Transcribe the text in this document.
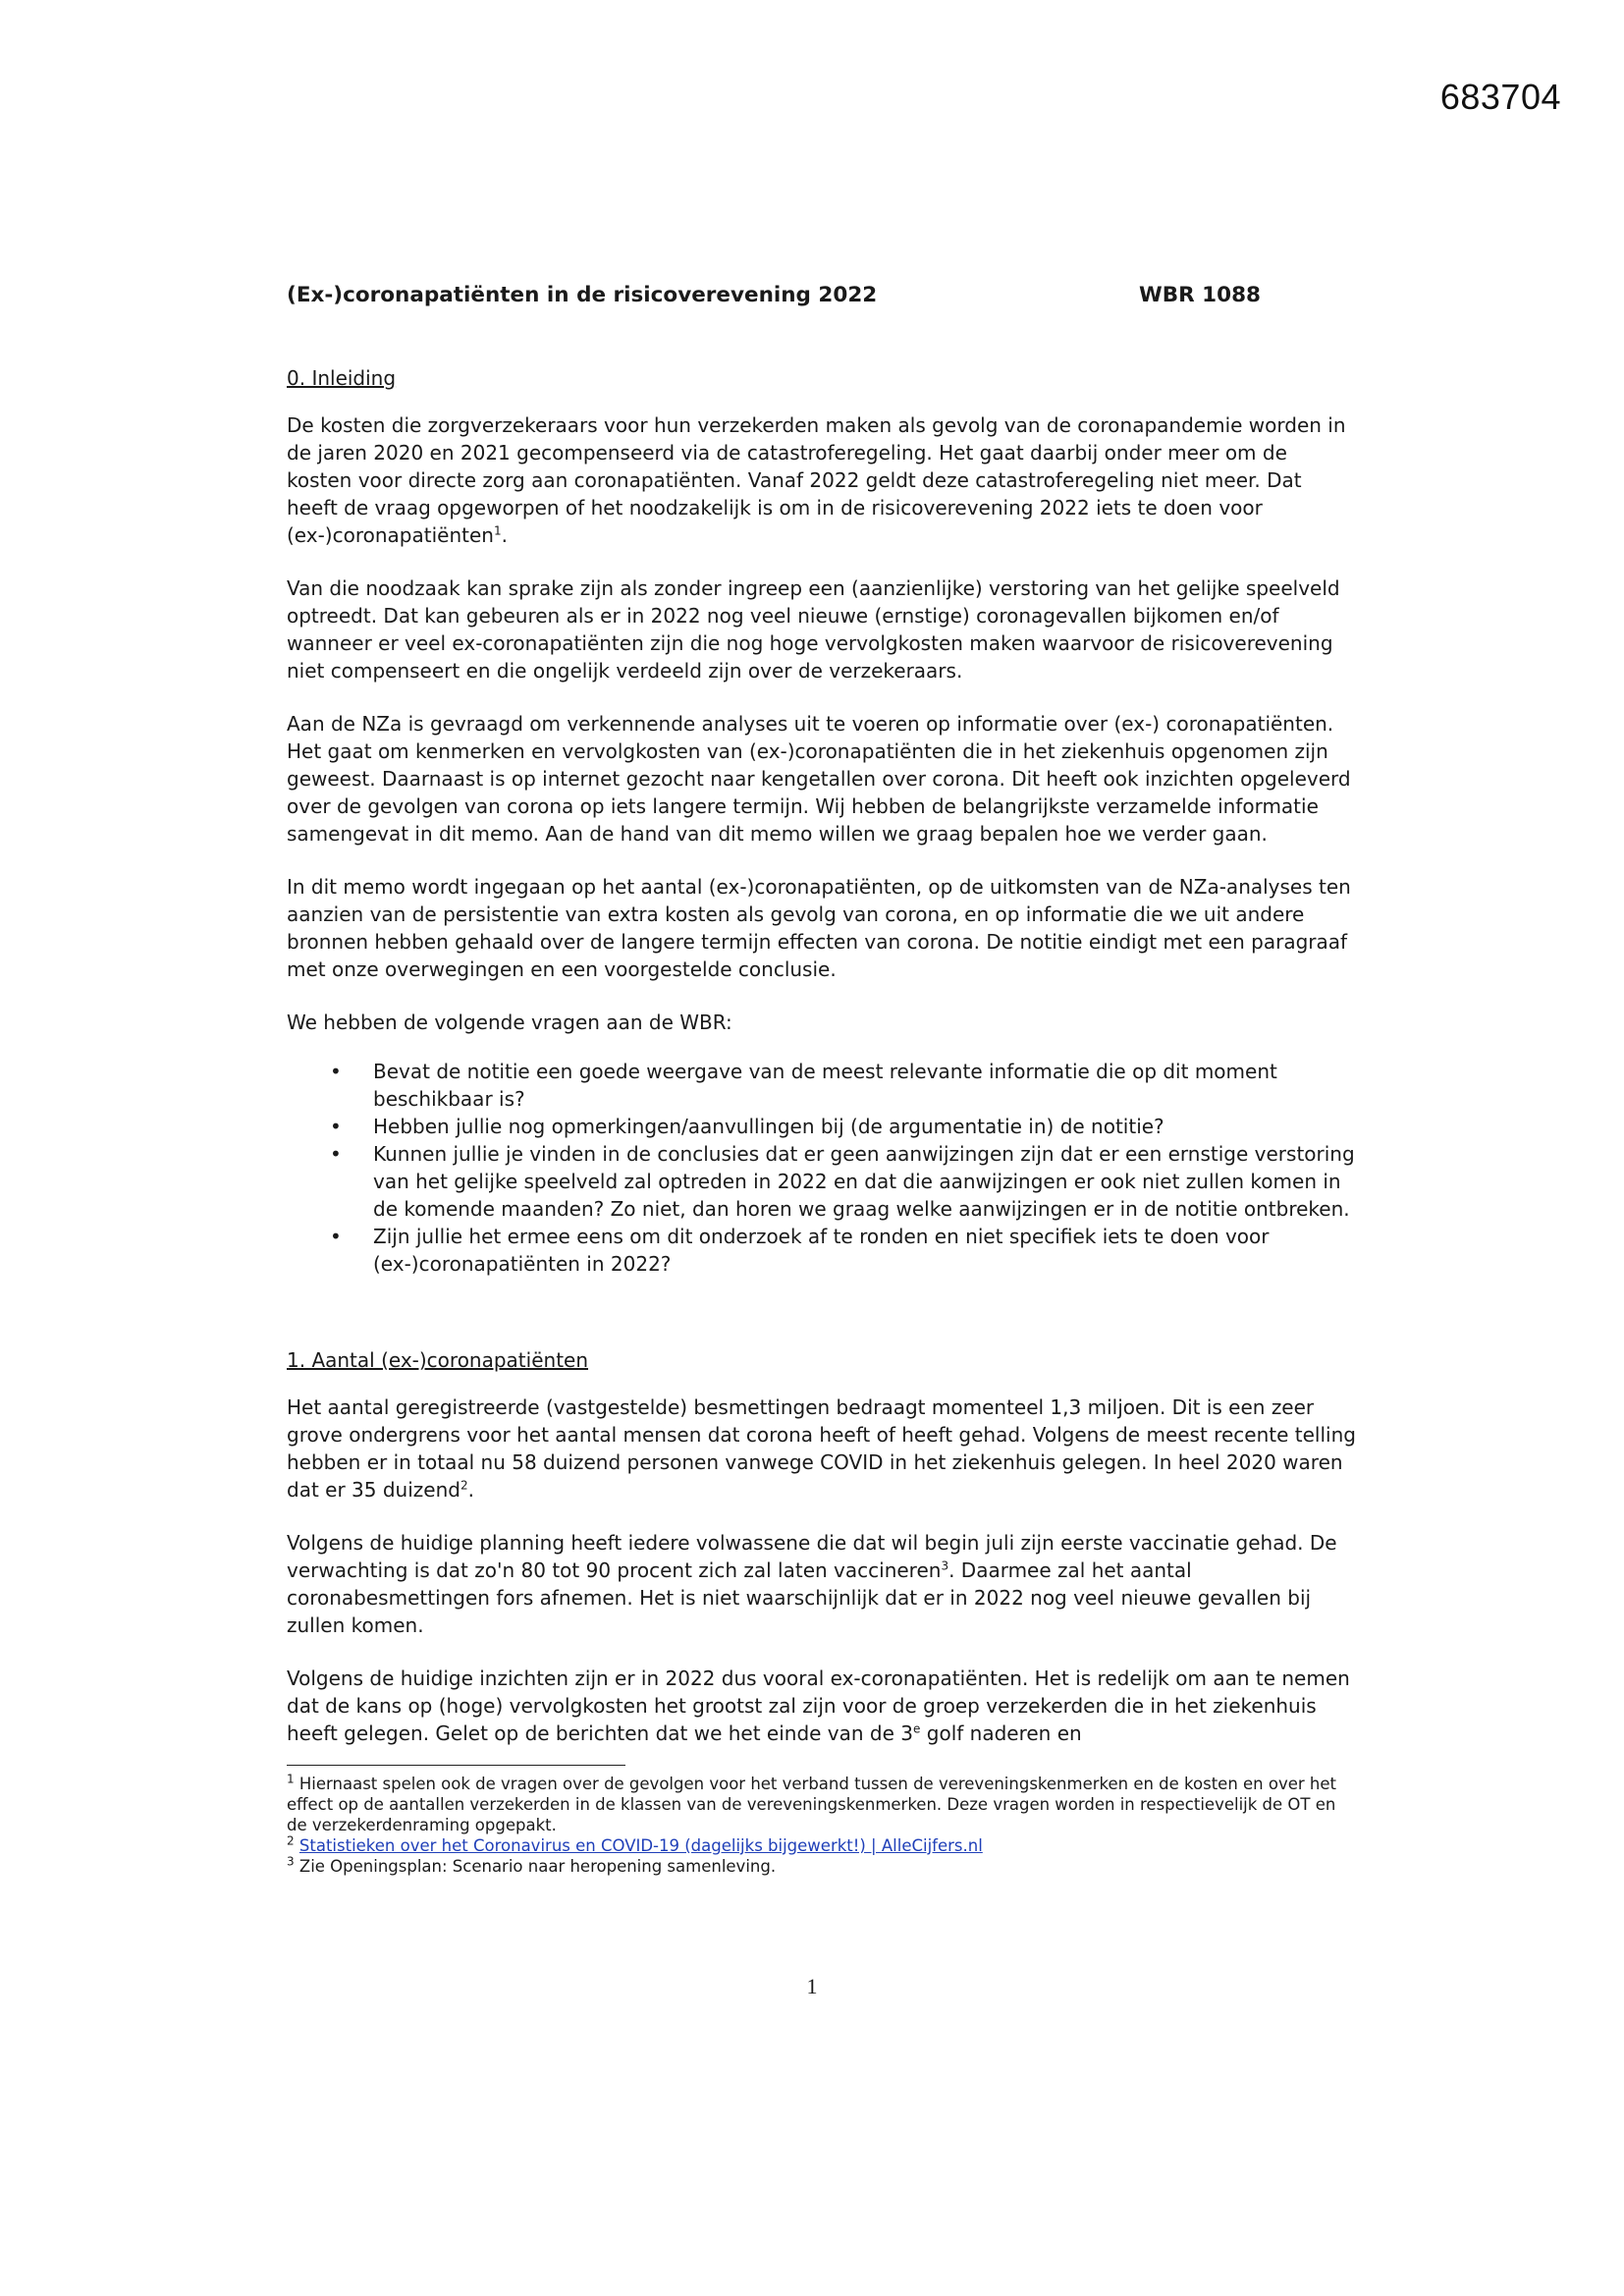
683704
(Ex-)coronapatiënten in de risicoverevening 2022	WBR 1088
0. Inleiding

De kosten die zorgverzekeraars voor hun verzekerden maken als gevolg van de coronapandemie worden in de jaren 2020 en 2021 gecompenseerd via de catastroferegeling. Het gaat daarbij onder meer om de kosten voor directe zorg aan coronapatiënten. Vanaf 2022 geldt deze catastroferegeling niet meer. Dat heeft de vraag opgeworpen of het noodzakelijk is om in de risicoverevening 2022 iets te doen voor (ex-)coronapatiënten$^1$.

Van die noodzaak kan sprake zijn als zonder ingreep een (aanzienlijke) verstoring van het gelijke speelveld optreedt. Dat kan gebeuren als er in 2022 nog veel nieuwe (ernstige) coronagevallen bijkomen en/of wanneer er veel ex-coronapatiënten zijn die nog hoge vervolgkosten maken waarvoor de risicoverevening niet compenseert en die ongelijk verdeeld zijn over de verzekeraars.

Aan de NZa is gevraagd om verkennende analyses uit te voeren op informatie over (ex-) coronapatiënten. Het gaat om kenmerken en vervolgkosten van (ex-)coronapatiënten die in het ziekenhuis opgenomen zijn geweest. Daarnaast is op internet gezocht naar kengetallen over corona. Dit heeft ook inzichten opgeleverd over de gevolgen van corona op iets langere termijn. Wij hebben de belangrijkste verzamelde informatie samengevat in dit memo. Aan de hand van dit memo willen we graag bepalen hoe we verder gaan.

In dit memo wordt ingegaan op het aantal (ex-)coronapatiënten, op de uitkomsten van de NZa-analyses ten aanzien van de persistentie van extra kosten als gevolg van corona, en op informatie die we uit andere bronnen hebben gehaald over de langere termijn effecten van corona. De notitie eindigt met een paragraaf met onze overwegingen en een voorgestelde conclusie.

We hebben de volgende vragen aan de WBR:

• Bevat de notitie een goede weergave van de meest relevante informatie die op dit moment beschikbaar is?
• Hebben jullie nog opmerkingen/aanvullingen bij (de argumentatie in) de notitie?
• Kunnen jullie je vinden in de conclusies dat er geen aanwijzingen zijn dat er een ernstige verstoring van het gelijke speelveld zal optreden in 2022 en dat die aanwijzingen er ook niet zullen komen in de komende maanden? Zo niet, dan horen we graag welke aanwijzingen er in de notitie ontbreken.
• Zijn jullie het ermee eens om dit onderzoek af te ronden en niet specifiek iets te doen voor (ex-)coronapatiënten in 2022?
1. Aantal (ex-)coronapatiënten

Het aantal geregistreerde (vastgestelde) besmettingen bedraagt momenteel 1,3 miljoen. Dit is een zeer grove ondergrens voor het aantal mensen dat corona heeft of heeft gehad. Volgens de meest recente telling hebben er in totaal nu 58 duizend personen vanwege COVID in het ziekenhuis gelegen. In heel 2020 waren dat er 35 duizend$^2$.

Volgens de huidige planning heeft iedere volwassene die dat wil begin juli zijn eerste vaccinatie gehad. De verwachting is dat zo'n 80 tot 90 procent zich zal laten vaccineren$^3$. Daarmee zal het aantal coronabesmettingen fors afnemen. Het is niet waarschijnlijk dat er in 2022 nog veel nieuwe gevallen bij zullen komen.

Volgens de huidige inzichten zijn er in 2022 dus vooral ex-coronapatiënten. Het is redelijk om aan te nemen dat de kans op (hoge) vervolgkosten het grootst zal zijn voor de groep verzekerden die in het ziekenhuis heeft gelegen. Gelet op de berichten dat we het einde van de 3e golf naderen en

$^1$ Hiernaast spelen ook de vragen over de gevolgen voor het verband tussen de vereveningskenmerken en de kosten en over het effect op de aantallen verzekerden in de klassen van de vereveningskenmerken. Deze vragen worden in respectievelijk de OT en de verzekerdenraming opgepakt.
$^2$ Statistieken over het Coronavirus en COVID-19 (dagelijks bijgewerkt!) | AlleCijfers.nl
$^3$ Zie Openingsplan: Scenario naar heropening samenleving.
1
